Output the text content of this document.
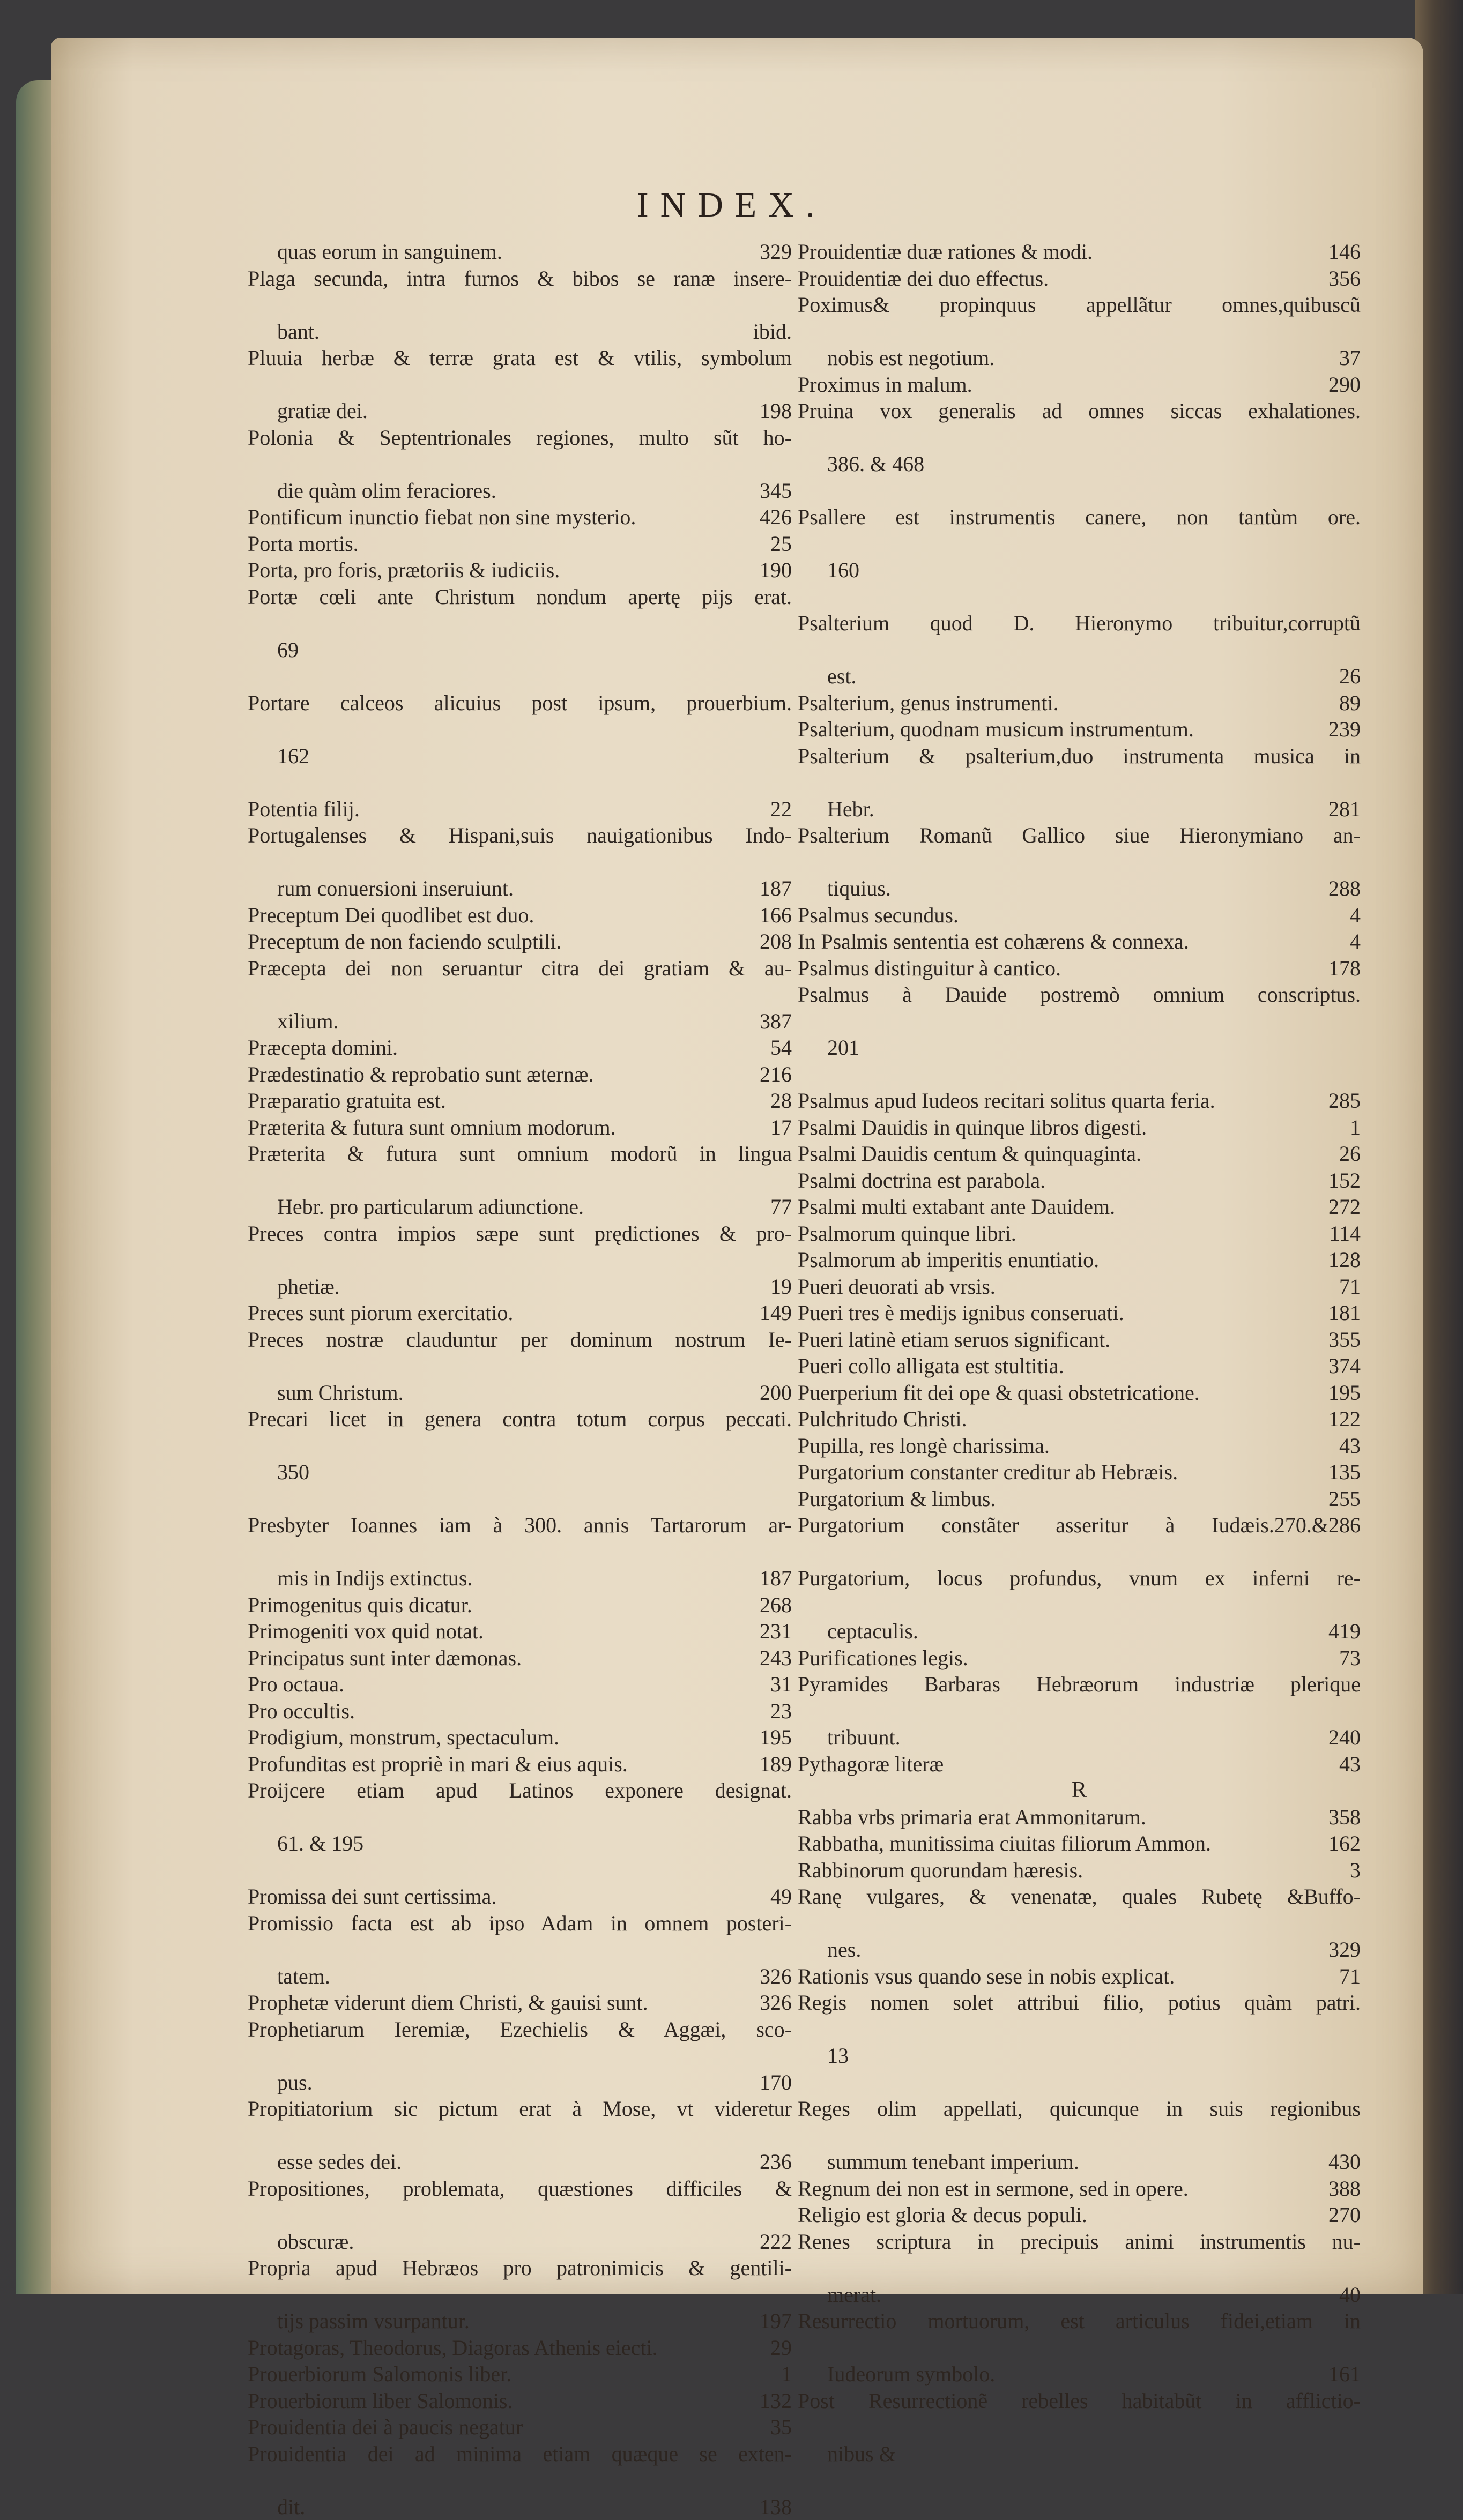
INDEX.
quas eorum in sanguinem.	329
Plaga secunda, intra furnos & bibos se ranæ insere-
bant.	ibid.
Pluuia herbæ & terræ grata est & vtilis, symbolum
gratiæ dei.	198
Polonia & Septentrionales regiones, multo sũt ho-
die quàm olim feraciores.	345
Pontificum inunctio fiebat non sine mysterio.	426
Porta mortis.	25
Porta, pro foris, prætoriis & iudiciis.	190
Portæ cœli ante Christum nondum apertę pijs erat.
69
Portare calceos alicuius post ipsum, prouerbium.
162
Potentia filij.	22
Portugalenses & Hispani,suis nauigationibus Indo-
rum conuersioni inseruiunt.	187
Preceptum Dei quodlibet est duo.	166
Preceptum de non faciendo sculptili.	208
Præcepta dei non seruantur citra dei gratiam & au-
xilium.	387
Præcepta domini.	54
Prædestinatio & reprobatio sunt æternæ.	216
Præparatio gratuita est.	28
Præterita & futura sunt omnium modorum.	17
Præterita & futura sunt omnium modorũ in lingua
Hebr. pro particularum adiunctione.	77
Preces contra impios sæpe sunt prędictiones & pro-
phetiæ.	19
Preces sunt piorum exercitatio.	149
Preces nostræ clauduntur per dominum nostrum Ie-
sum Christum.	200
Precari licet in genera contra totum corpus peccati.
350
Presbyter Ioannes iam à 300. annis Tartarorum ar-
mis in Indijs extinctus.	187
Primogenitus quis dicatur.	268
Primogeniti vox quid notat.	231
Principatus sunt inter dæmonas.	243
Pro octaua.	31
Pro occultis.	23
Prodigium, monstrum, spectaculum.	195
Profunditas est propriè in mari & eius aquis.	189
Proijcere etiam apud Latinos exponere designat.
61. & 195
Promissa dei sunt certissima.	49
Promissio facta est ab ipso Adam in omnem posteri-
tatem.	326
Prophetæ viderunt diem Christi, & gauisi sunt.	326
Prophetiarum Iеremiæ, Ezechielis & Aggæi, sco-
pus.	170
Propitiatorium sic pictum erat à Mose, vt videretur
esse sedes dei.	236
Propositiones, problemata, quæstiones difficiles &
obscuræ.	222
Propria apud Hebræos pro patronimicis & gentili-
tijs passim vsurpantur.	197
Protagoras, Theodorus, Diagoras Athenis eiecti.	29
Prouerbiorum Salomonis liber.	1
Prouerbiorum liber Salomonis.	132
Prouidentia dei à paucis negatur	35
Prouidentia dei ad minima etiam quæque se exten-
dit.	138
Prouidentiæ duæ rationes & modi.	146
Prouidentiæ dei duo effectus.	356
Poximus& propinquus appellãtur omnes,quibuscũ
nobis est negotium.	37
Proximus in malum.	290
Pruina vox generalis ad omnes siccas exhalationes.
386. & 468
Psallere est instrumentis canere, non tantùm ore.
160
Psalterium quod D. Hieronymo tribuitur,corruptũ
est.	26
Psalterium, genus instrumenti.	89
Psalterium, quodnam musicum instrumentum.	239
Psalterium & psalterium,duo instrumenta musica in
Hebr.	281
Psalterium Romanũ Gallico siue Hieronymiano an-
tiquius.	288
Psalmus secundus.	4
In Psalmis sententia est cohærens & connexa.	4
Psalmus distinguitur à cantico.	178
Psalmus à Dauide postremò omnium conscriptus.
201
Psalmus apud Iudeos recitari solitus quarta feria.	285
Psalmi Dauidis in quinque libros digesti.	1
Psalmi Dauidis centum & quinquaginta.	26
Psalmi doctrina est parabola.	152
Psalmi multi extabant ante Dauidem.	272
Psalmorum quinque libri.	114
Psalmorum ab imperitis enuntiatio.	128
Pueri deuorati ab vrsis.	71
Pueri tres è medijs ignibus conseruati.	181
Pueri latinè etiam seruos significant.	355
Pueri collo alligata est stultitia.	374
Puerperium fit dei ope & quasi obstetricatione.	195
Pulchritudo Christi.	122
Pupilla, res longè charissima.	43
Purgatorium constanter creditur ab Hebræis.	135
Purgatorium & limbus.	255
Purgatorium constãter asseritur à Iudæis.270.&286
Purgatorium, locus profundus, vnum ex inferni re-
ceptaculis.	419
Purificationes legis.	73
Pyramides Barbaras Hebræorum industriæ plerique
tribuunt.	240
Pythagoræ literæ	43
R
Rabba vrbs primaria erat Ammonitarum.	358
Rabbatha, munitissima ciuitas filiorum Ammon.	162
Rabbinorum quorundam hæresis.	3
Ranę vulgares, & venenatæ, quales Rubetę &Buffo-
nes.	329
Rationis vsus quando sese in nobis explicat.	71
Regis nomen solet attribui filio, potius quàm patri.
13
Reges olim appellati, quicunque in suis regionibus
summum tenebant imperium.	430
Regnum dei non est in sermone, sed in opere.	388
Religio est gloria & decus populi.	270
Renes scriptura in precipuis animi instrumentis nu-
merat.	40
Resurrectio mortuorum, est articulus fidei,etiam in
Iudeorum symbolo.	161
Post Resurrectionẽ rebelles habitabũt in afflictio-
nibus &
